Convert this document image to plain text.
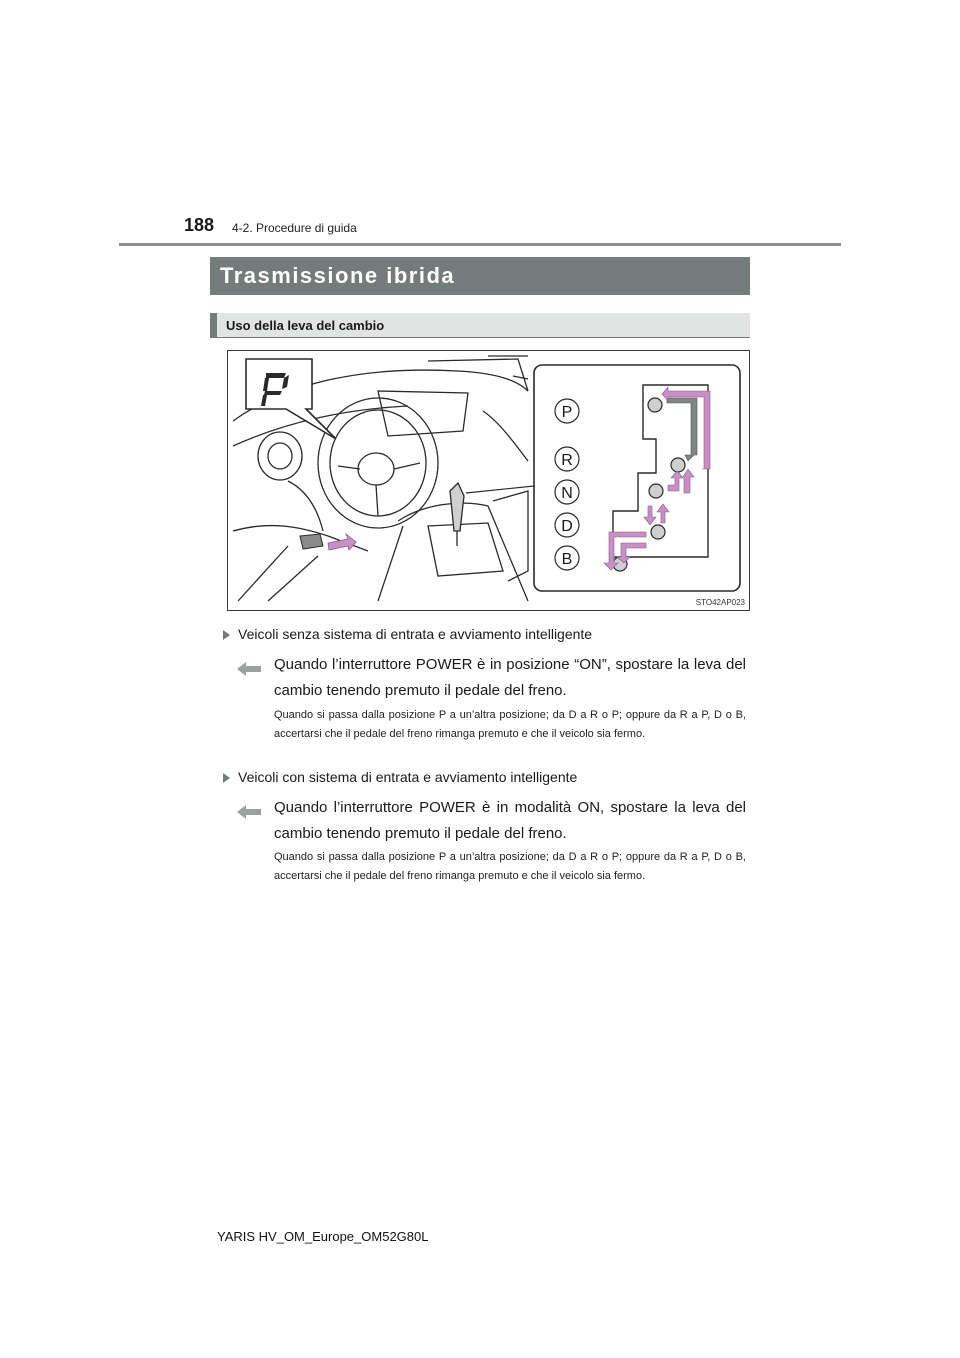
188 4-2. Procedure di guida
Trasmissione ibrida
Uso della leva del cambio
P
R
N
D
B
STO42AP023
Veicoli senza sistema di entrata e avviamento intelligente
Quando l’interruttore POWER è in posizione “ON”, spostare la leva del cambio tenendo premuto il pedale del freno.
Quando si passa dalla posizione P a un’altra posizione; da D a R o P; oppure da R a P, D o B, accertarsi che il pedale del freno rimanga premuto e che il veicolo sia fermo.
Veicoli con sistema di entrata e avviamento intelligente
Quando l’interruttore POWER è in modalità ON, spostare la leva del cambio tenendo premuto il pedale del freno.
Quando si passa dalla posizione P a un’altra posizione; da D a R o P; oppure da R a P, D o B, accertarsi che il pedale del freno rimanga premuto e che il veicolo sia fermo.
YARIS HV_OM_Europe_OM52G80L
